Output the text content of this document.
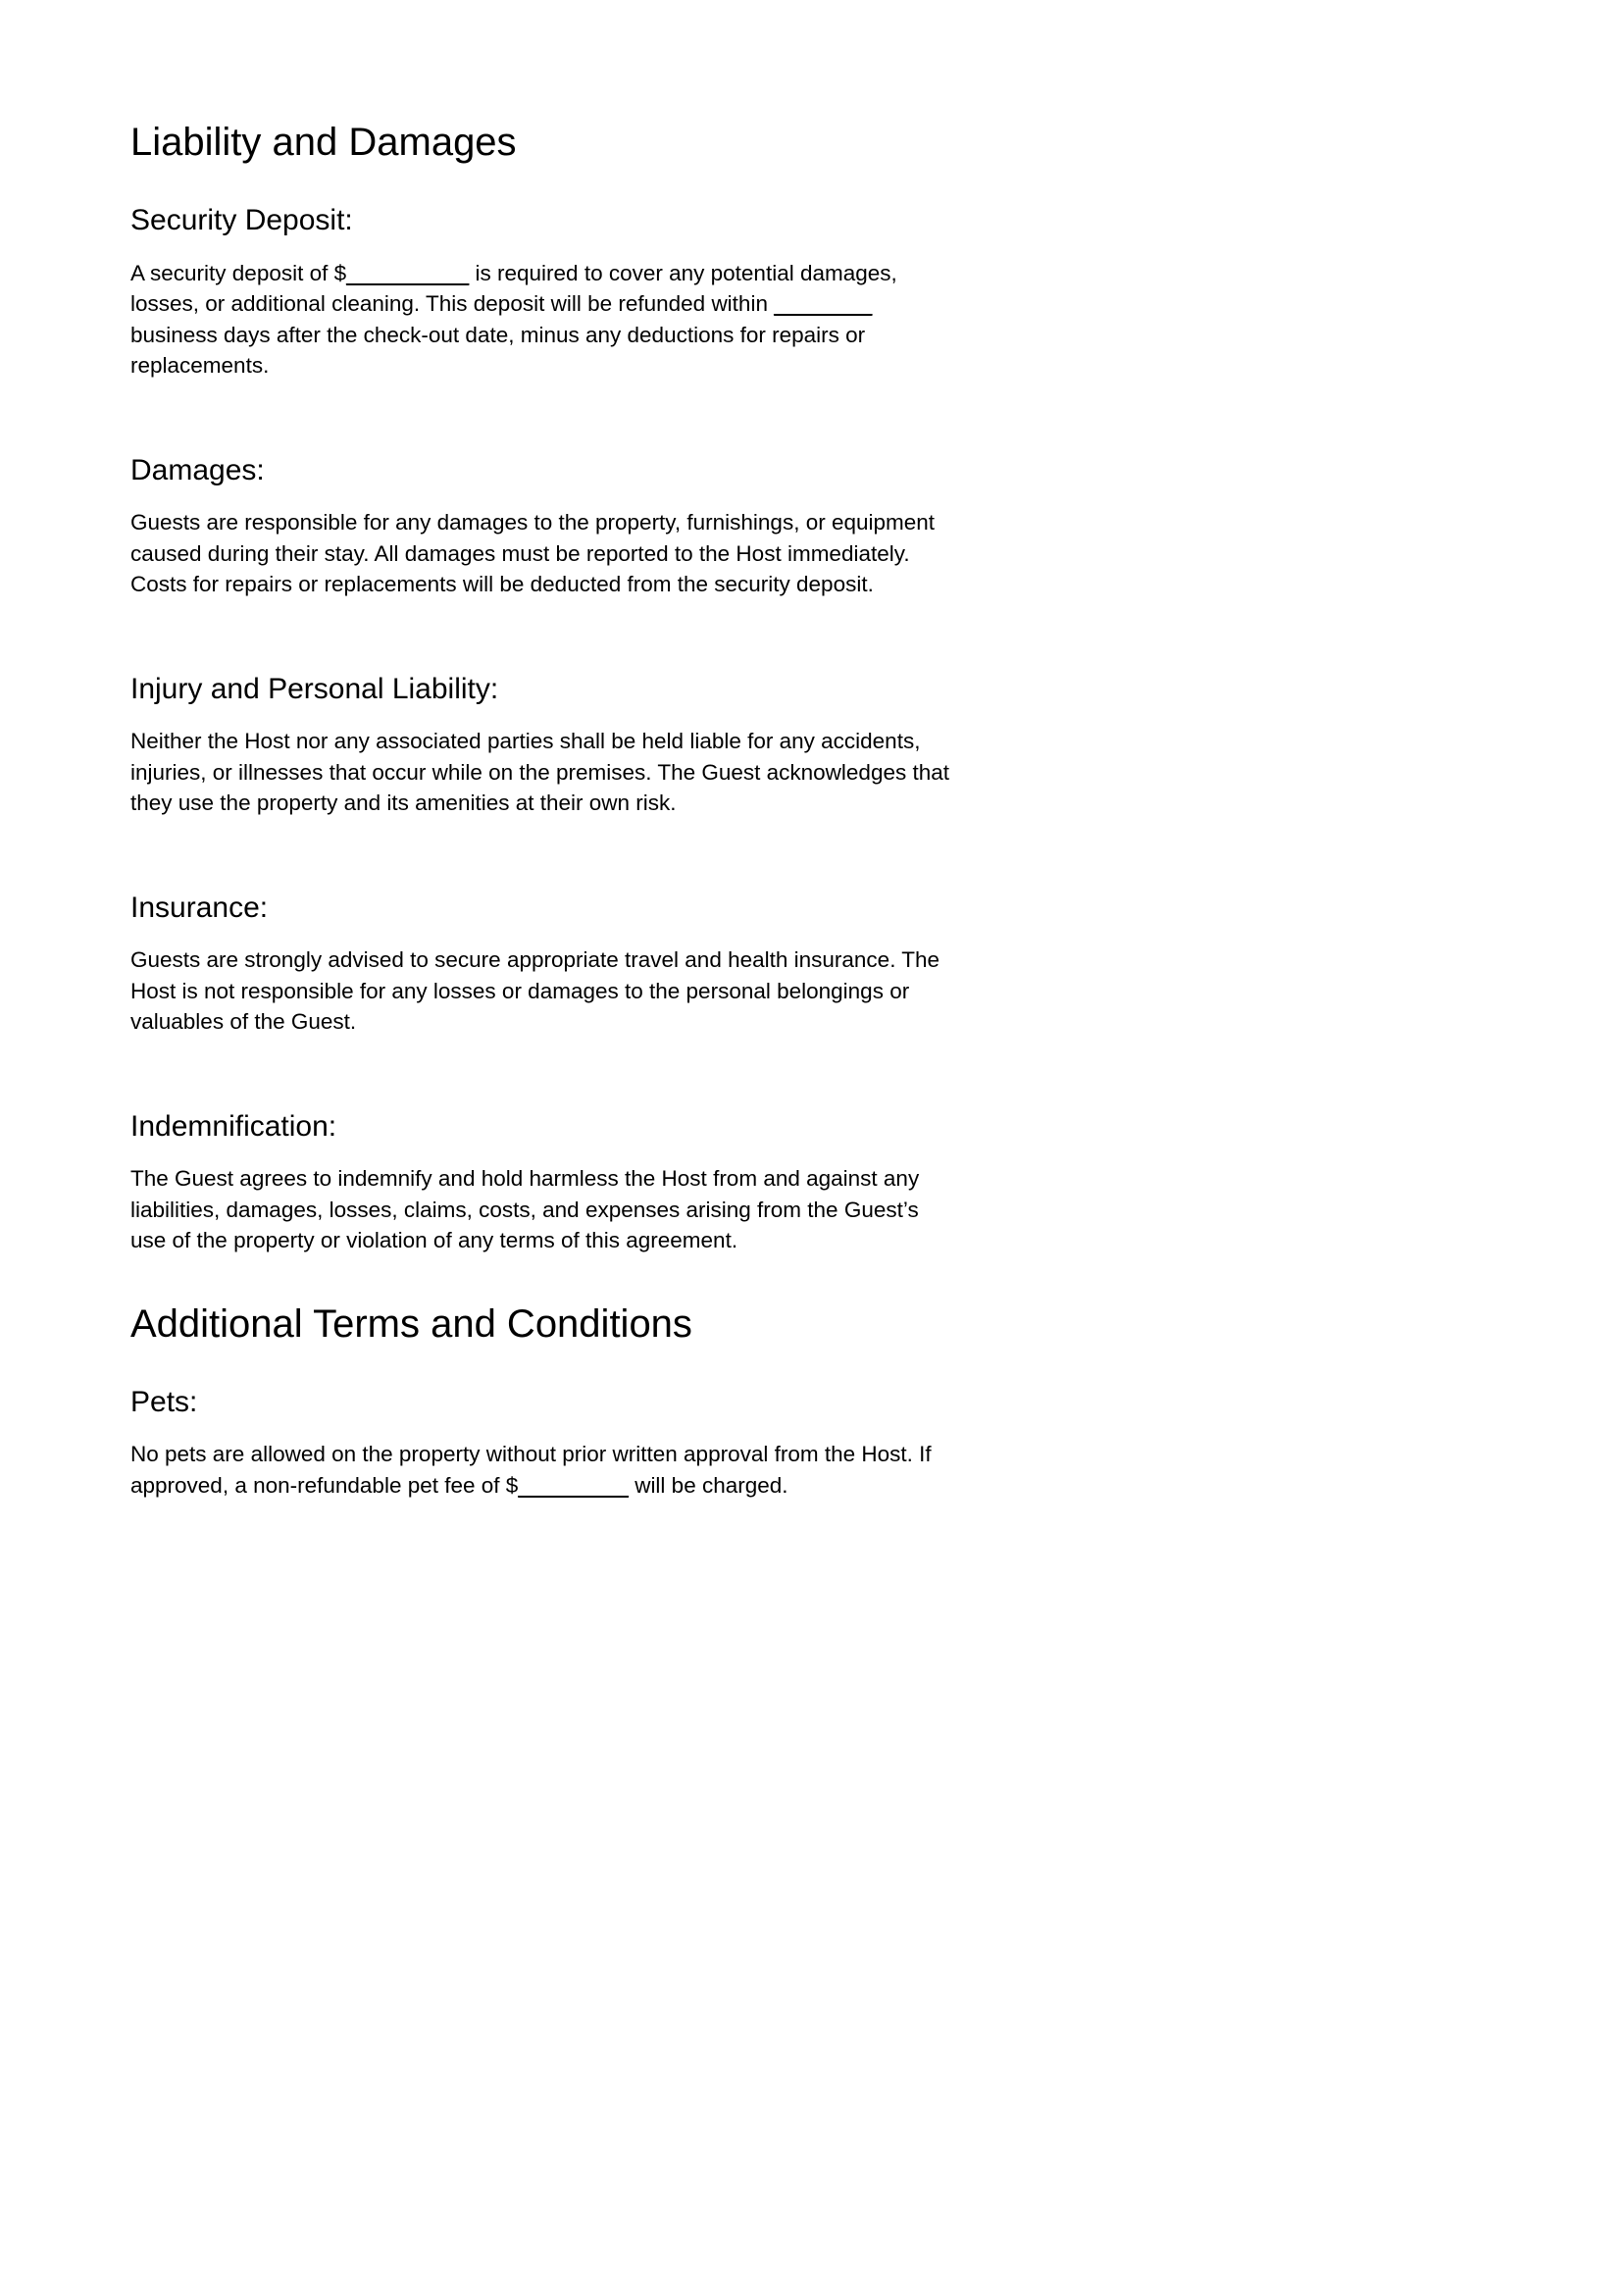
Liability and Damages
Security Deposit:

A security deposit of $__________ is required to cover any potential damages, losses, or additional cleaning. This deposit will be refunded within ________ business days after the check-out date, minus any deductions for repairs or replacements.

Damages:

Guests are responsible for any damages to the property, furnishings, or equipment caused during their stay. All damages must be reported to the Host immediately. Costs for repairs or replacements will be deducted from the security deposit.

Injury and Personal Liability:

Neither the Host nor any associated parties shall be held liable for any accidents, injuries, or illnesses that occur while on the premises. The Guest acknowledges that they use the property and its amenities at their own risk.

Insurance:

Guests are strongly advised to secure appropriate travel and health insurance. The Host is not responsible for any losses or damages to the personal belongings or valuables of the Guest.

Indemnification:

The Guest agrees to indemnify and hold harmless the Host from and against any liabilities, damages, losses, claims, costs, and expenses arising from the Guest’s use of the property or violation of any terms of this agreement.

Additional Terms and Conditions
Pets:

No pets are allowed on the property without prior written approval from the Host. If approved, a non-refundable pet fee of $_________ will be charged.
